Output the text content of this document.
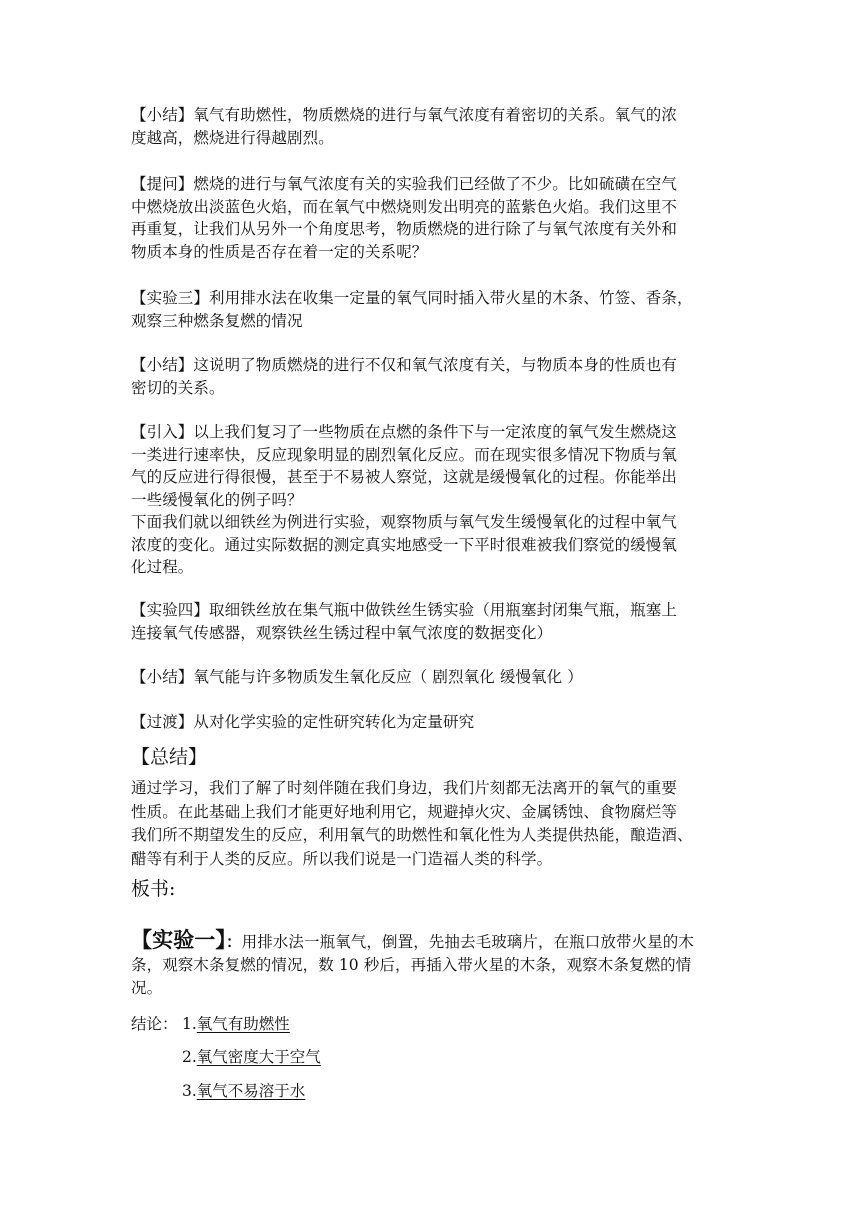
【小结】氧气有助燃性，物质燃烧的进行与氧气浓度有着密切的关系。氧气的浓
度越高，燃烧进行得越剧烈。
【提问】燃烧的进行与氧气浓度有关的实验我们已经做了不少。比如硫磺在空气
中燃烧放出淡蓝色火焰，而在氧气中燃烧则发出明亮的蓝紫色火焰。我们这里不
再重复，让我们从另外一个角度思考，物质燃烧的进行除了与氧气浓度有关外和
物质本身的性质是否存在着一定的关系呢？
【实验三】利用排水法在收集一定量的氧气同时插入带火星的木条、竹签、香条，
观察三种燃条复燃的情况
【小结】这说明了物质燃烧的进行不仅和氧气浓度有关，与物质本身的性质也有
密切的关系。
【引入】以上我们复习了一些物质在点燃的条件下与一定浓度的氧气发生燃烧这
一类进行速率快，反应现象明显的剧烈氧化反应。而在现实很多情况下物质与氧
气的反应进行得很慢，甚至于不易被人察觉，这就是缓慢氧化的过程。你能举出
一些缓慢氧化的例子吗？
下面我们就以细铁丝为例进行实验，观察物质与氧气发生缓慢氧化的过程中氧气
浓度的变化。通过实际数据的测定真实地感受一下平时很难被我们察觉的缓慢氧
化过程。
【实验四】取细铁丝放在集气瓶中做铁丝生锈实验（用瓶塞封闭集气瓶，瓶塞上
连接氧气传感器，观察铁丝生锈过程中氧气浓度的数据变化）
【小结】氧气能与许多物质发生氧化反应（ 剧烈氧化 缓慢氧化 ）
【过渡】从对化学实验的定性研究转化为定量研究
【总结】
通过学习，我们了解了时刻伴随在我们身边，我们片刻都无法离开的氧气的重要
性质。在此基础上我们才能更好地利用它，规避掉火灾、金属锈蚀、食物腐烂等
我们所不期望发生的反应，利用氧气的助燃性和氧化性为人类提供热能，酿造酒、
醋等有利于人类的反应。所以我们说是一门造福人类的科学。
板书:
【实验一】：用排水法一瓶氧气，倒置，先抽去毛玻璃片，在瓶口放带火星的木
条，观察木条复燃的情况，数 10 秒后，再插入带火星的木条，观察木条复燃的情
况。
结论： 1.氧气有助燃性
2.氧气密度大于空气
3.氧气不易溶于水
